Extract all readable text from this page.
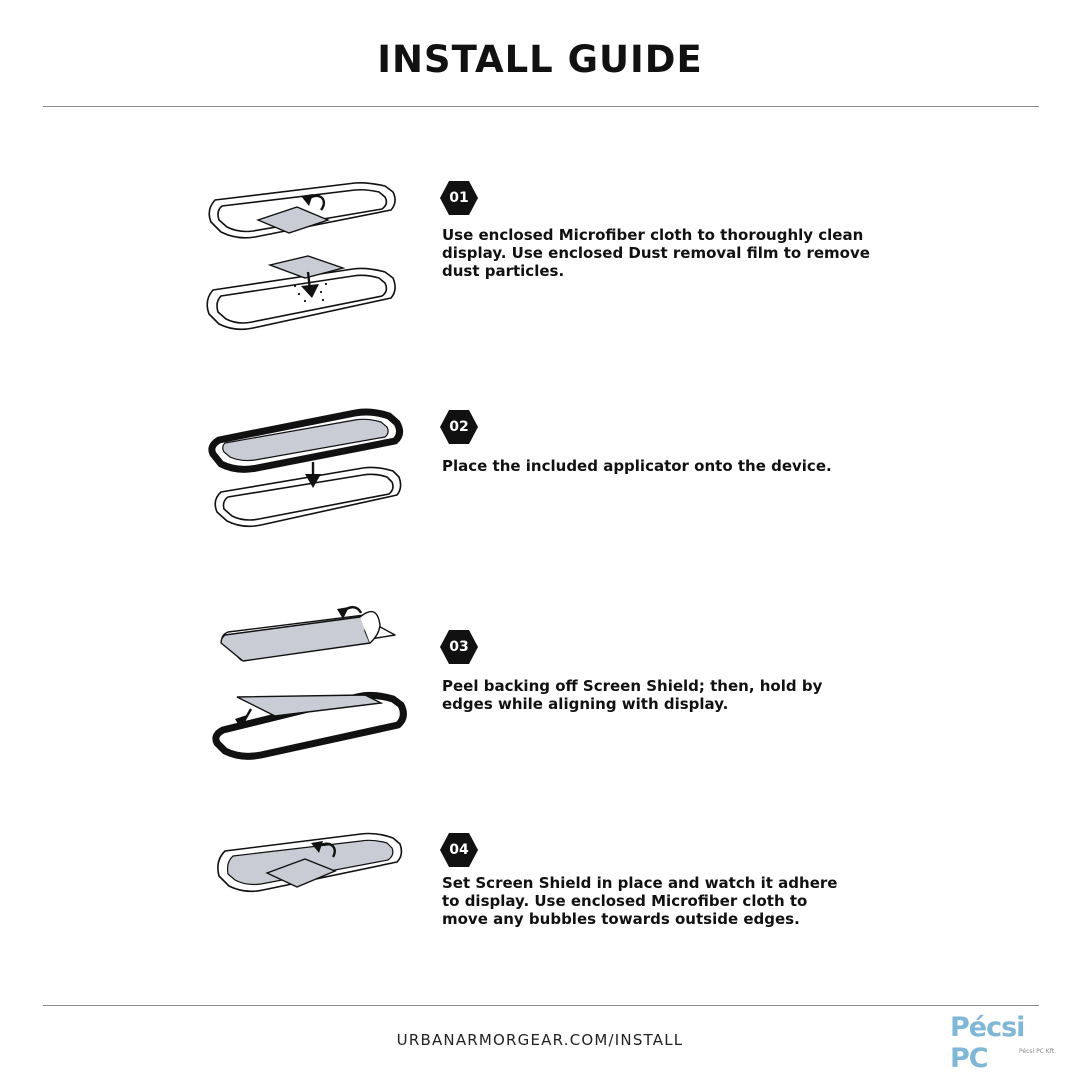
INSTALL GUIDE
01
Use enclosed Microfiber cloth to thoroughly clean display. Use enclosed Dust removal film to remove dust particles.
02
Place the included applicator onto the device.
03
Peel backing off Screen Shield; then, hold by edges while aligning with display.
04
Set Screen Shield in place and watch it adhere to display. Use enclosed Microfiber cloth to move any bubbles towards outside edges.
URBANARMORGEAR.COM/INSTALL	Pécsi PC	Pécsi PC Kft.
